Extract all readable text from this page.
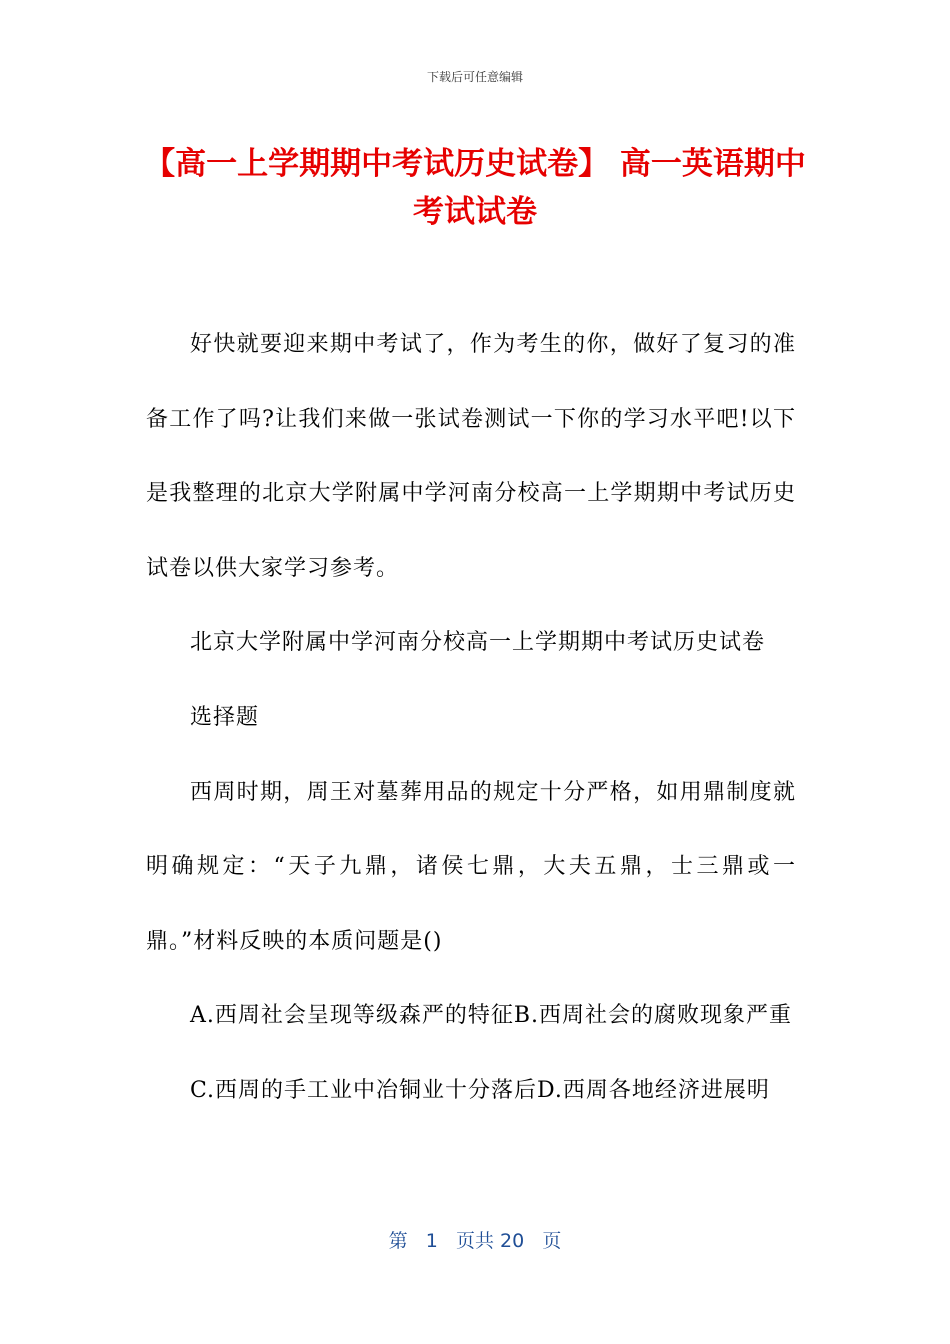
下载后可任意编辑
【高一上学期期中考试历史试卷】 高一英语期中考试试卷

好快就要迎来期中考试了，作为考生的你，做好了复习的准备工作了吗?让我们来做一张试卷测试一下你的学习水平吧!以下是我整理的北京大学附属中学河南分校高一上学期期中考试历史试卷以供大家学习参考。

北京大学附属中学河南分校高一上学期期中考试历史试卷

选择题

西周时期，周王对墓葬用品的规定十分严格，如用鼎制度就明确规定：“天子九鼎，诸侯七鼎，大夫五鼎，士三鼎或一鼎。”材料反映的本质问题是()

A.西周社会呈现等级森严的特征B.西周社会的腐败现象严重

C.西周的手工业中冶铜业十分落后D.西周各地经济进展明

第 1 页共 20 页
